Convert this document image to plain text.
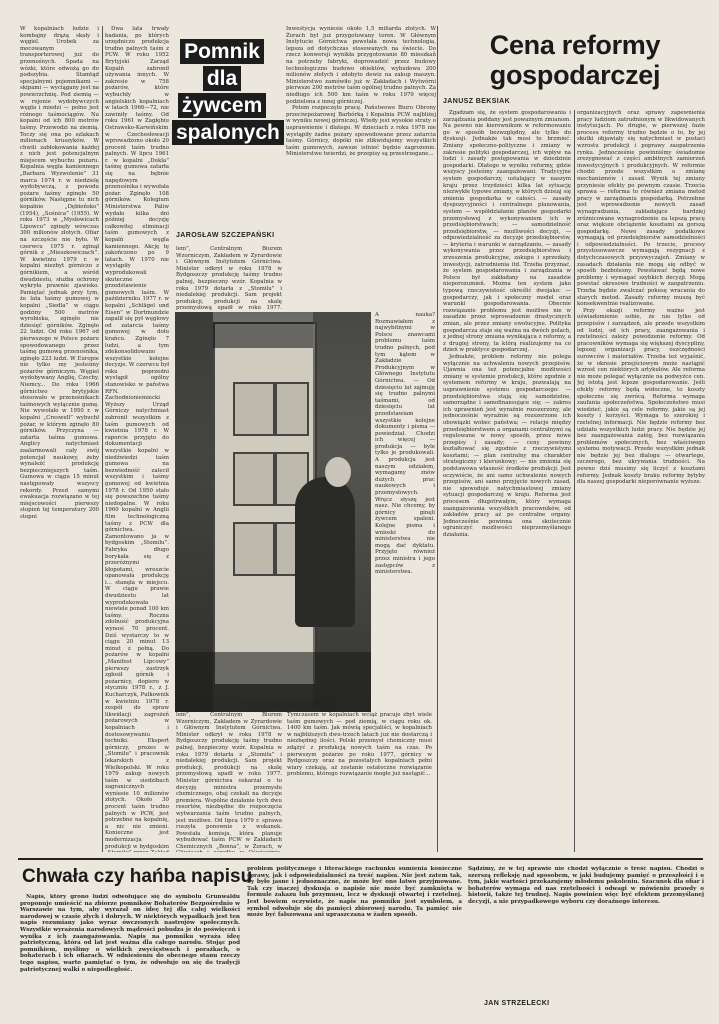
W kopalniach ludzie i kombajny drążą skały i węgiel. Urobek za mocowanym transporterowej już do przenośnych. Spada na wózki, które odwożą go do podszybia. Stamtąd specjalnymi pojemnikami — skipami — wyciągany jest na powierzchnię. Pod ziemią — w rejonie wydobywczych węgla i miedzi — pełno jest różnego taśmociągów. Na kopalni od ich 800 metrów taśmy. Przewodzi na ziemią. Toczy się ona po szlakach milionach kruszyków. W chwili zabłokowania każdej z nich jest potencjalnym miejscem wybuchu pożaru. Kopalnia węgla kamiennego „Barbara Wyzwolenie” 31 marca 1974 r. w niedzielę wydobywczą, z powodu pożaru taśmy zginęło 50 górników. Następne tu nich kopalnie „Dębieńsko” (1954), „Sośnica” (1955). W roku 1973 w „Mysłowicach Lipowcu” zginęły wówczas 300 milionów złotych. Ofiar na szczęście nie było. W czerwcu 1975 r. zginął górnik z „Mieszkowiczach”. W kwietniu 1979 r. w kopalni niezbyt górniczo z górnikiem, a wśród dwudziestu, służba ochrony wykryła prawnie zjawisko. Pamiętać jednak przy tym, że lata taśmy gumowej w kopalni „Siedla” w ciągu godziny 500 metrów wyrobiska, zginęło nie dziesięć górników. Zginęło 22 ludzi. Od roku 1967 od pierwszego w Polsce pożaru spowodowanego przez taśmę gumową przenośnika, zginęło 223 ludzi. W Europie nie tylko my jesteśmy pożarów górniczym. Węgiel wydobywany Anglię, Czechy, Niemcy... Do roku 1966 górnictwo brytyjskie stosowało w przenośnikach taśmowych wyłącznie gumę. Nie wywołało w 1950 r. w kopalni „Creswell” wybuchł pożar, w którym zginęło 80 górników. Przyczyna — zatarta taśma gumowa. Anglicy natychmiast zaalarmowali cały swój potencjał naukowy, żeby wynaleźć produkcję bezpieczniejszych taśm. Gumowa w ciągu 15 minut następowały wszyscy rekordy. Przed samymi ewakuacja rozwiązano w tej miejscowości pierwszy stopień tej temperatury 200 stopni

Dwa lata trwały badania, po których urzędniczo produkcja trudno palnych taśm z PCW. W roku 1952 Brytyjski Zarząd Kopalń zabronił używania innych. W zakresie w 758 pożarów, które wybuchły w angielskich kopalniach w latach 1966—72, nie zawiniły taśmy. Od roku 1961 w Zagłębiu Ostrawsko-Karwińskim w Czechosłowacji wprowadzono około 20 procent taśm trudno palnych. W lipcu 1961 r. w kopalni „Dukla” taśmę gumowa zatarła się na bębnie napędowym przenośnika i wywołała pożar. Zginęło 108 górników. Kolegium Ministerstwa Paliw wydało kilka dni później decyzję całkowitej eliminacji taśm gumowych z kopalń węgla kamiennego. Akcję tę zakończono po 9 latach. W 1970 nie wystąpiły wyprodukowali skuteczne przedstawienie gumowych taśm. W październiku 1977 r. w kopalni „Schlägel und Eisen” w Dortmundzie zapalił się pył węglowy od zatarcia taśmy gumowej w dołu krańcu. Zginęło 7 ludzi, a tym zdekonsolidowano wszystkie kolejne decyzje. W czerwcu był roku poprzedni wystąpił ogólny stanowisko w państwa RFN. Zachodnioniemiecki Wyższy Urząd Górniczy natychmiast zabronił wszystkim z taśm gumowych od kwietnia 1978 r. W raporcie przyjęto do dokumentacji wszystkie kopalni w niedźwiedzi taśm gumowa na bezwiedność zalecił wszystkim i taśmy gumowej od kwietnia 1978 r. Od 1950 stało się powszechne taśmy niedopalne. W roku 1960 kopalni w Anglii film technologiczną taśmy z PCW dla górnictwa. Zamontowano ja w bydgoskim „Stomilu”. Fabryka długo borykała się z przeróżnymi kłopotami, wreszcie opanowała produkcję i... stanęła w miejscu. W ciągu prawie dwudziestu lat wyprodukowała niewiele ponad 100 km taśmy. Roczna zdolność produkcyjna wynosi 70 procent. Dziś wystarczy to w ciągu 20 minut 13 minut z pełną. Do pożarów w kopalni „Manifest Lipcowy” pierwszy zastrzyk zgłosił górnik i pożarnicy, dopiero w styczniu 1978 r., z J. Kucharczyk, Pułkownik w kwietniu 1978 r. zespół do spraw likwidacji zagrożeń pożarowych w kopalniach i dostosowywaniu techniki. Ekspert górniczy, prezes w „Stomilu” i pracownik lekarskich z Wielkopolski. W roku 1979 zakup nowych taśm w siedzibach zagranicznych wyniesie 10 milionów złotych. Około 30 procent taśm trudno palnych w PCW, jest potrzebne na kopalnię, a nic nie zmieni. Konieczne jest modernizacja produkcji w bydgoskim

Pomnik
dla
żywcem
spalonych
JAROSŁAW SZCZEPAŃSKI

Inwestycja wyniesie około 1,5 miliarda złotych. W Żorach był już przygotowany teren. W Głównym Instytucie Górnictwa powstała nowa technologia, lepsza od dotychczas stosowanych na świecie. Do rzecz konwersji wynikła przygotowanie 80 mieszkań na potrzeby fabryki, doprowadzić przez budowy technologiczno budowo obiektów, wybudowa 200 milionów złotych i zdobyto dewiz na zakup maszyn. Ministerstwo zamówiło już w Zakładach i Wytwórni pierwsze 200 metrów taśm ogólnej trudno palnych. Za niedługo ich 500 km taśm w roku 1979 więcej podzielona z innej górniczej.

Potem rozpoczęto pracę. Państwowe Biuro Obrony przeciwpożarowej Barbórką i Kopalnia PCW najbliżej w wyniku nowej górniczej. Wtedy jest wysokie straty o usprawnienie i dlatego. W dzieciach z roku 1978 nie wystąpiły żadne pożary spowodowane przez zatarcia taśmy. Górnicy, dopóki nie zlikwidujemy wszystkich taśm gumowych, zawsze istnieć będzie zagrożenie. Ministerstwo twierdzi, że przepisy są przestrzegane...

lem”, Centralnym Biurem Wzorniczym, Zakładem w Zyrardowie i Głównym Instytutem Górnictwa. Minister odkrył w roku 1978 w Bydgoszczy produkcję taśmy trudno palnej, bezpieczny wzór. Kopalnia w roku 1979 dotarła z „Stomilu” i niedalekiej produkcji. Sam projekt produkcji, produkcji na skalę przemysłową upadł w roku 1977.

Fot. ALEKSANDER KĄPLICZ

lem”, Centralnym Biurem Wzorniczym, Zakładem w Zyrardowie i Głównym Instytutem Górnictwa. Minister odkrył w roku 1978 w Bydgoszczy produkcję taśmy trudno palnej, bezpieczny wzór. Kopalnia w roku 1979 dotarła z „Stomilu” i niedalekiej produkcji. Sam projekt produkcji, produkcji na skalę przemysłową upadł w roku 1977. Minister górnictwa oskarżał o to decyzję ministra przemysłu chemicznego, obaj czekali na decyzje premiera. Wspólne działanie tych dwu resortów, niezbędne do rozpoczęcia wytwarzania taśm trudno palnych, jest możliwe. Od lipca 1979 r. sprawa ruszyła ponownie z wokanek. Powstała komisja, która planuje wybudować taśm PCW w Zakładach Chemicznych „Bonna”, w Żorach, w

Tymczasem w kopalniach wciąż pracuje zbyt wiele taśm gumowych — pod ziemią, w ciągu roku ok. 1400 km taśm. Jak mówią specjaliści, w kopalniach w najbliższych dwu-trzech latach już nie dostarczą i niezbędnej ilości. Polski przemysł chemiczny musi zdążyć z produkcją nowych taśm na czas. Po pierwszym pożarze po roku 1977, górnicy w Bydgoszczy oraz na pozostałych kopalniach pełni wiary czekają, aż zostanie ostateczne rozwiązanie problemu, którego rozwiązanie mogło już nastąpić...

A nauka? Rozmawiałem z najwybitnymi w Polsce znawcami problemu taśm trudno palnych, pod tym kątem w Zakładzie Produkcyjnym w Głównego Instytutu Górnictwa. — Od dziesięciu lat zajmuję się trudno palnymi taśmami, od dziesięciu lat przedstawiam wszystkie kolejne dokumenty i pisma — powiedział. Chodzi ich więcej — produkcja — byle tylko je produkowali. A produkcja jest naszym udziałem, wymagamy znów dużych prac naukowych i przemysłowych. Wręcz słyszę jest nasz. Nie chcemy, by górnicy ginęli żywcem spaleni. Kolejne pisma i wnioski do ministerstwa nie mogą dać dyktatu. Przyjęto również przez ministra i jego zastępców z ministerstwa.

Cena reformy gospodarczej
JANUSZ BEKSIAK

Zgadzam się, że system gospodarowania i zarządzania poddany jest poważnym zmianom. Na pewno nie kierownikom w reformowaniu go w sposób bezwzględny, ale tylko do dyskusji. Jednakże tak musi to brzmieć. Zmiany społeczno-polityczne i zmiany w zakresie polityki gospodarczej, ich wpływ na ludzi i zasady postępowania w dziedzinie gospodarki. Dlatego w wyniku reformy, gdzie wszyscy jesteśmy zaangażowani. Tradycyjne system gospodarczy, ustalający w naszym kraju przez trzydzieści kilka lat sytuację niezwykłe typowe zmiany, w których dzisiaj się zmienia gospodarka w całości. — zasady dyspozycyjności i centralnego planowania, system — współdziałanie planów gospodarki przemysłowej z wykonywaniem ich w przedsiębiorstwach; — samodzielność przedsiębiorstw, — możliwości decyzji, — odpowiedzialność za decyzje przedsiębiorstw, — kryteria i warunki w zarządzaniu, — zasady wykonywania przez przedsiębiorstwa i zrzeszenia produkcyjne, zakupu i sprzedaży, inwestycji, zatrudnienia itd. Trzeba przyznać, że system gospodarowania i zarządzania w Polsce był zakładany na zasadzie nieporozumień. Można ten system jako typową rzeczywistość określić dwojako: — gospodarczy, jak i społeczny model oraz warunki gospodarowania. Obecnie rozwiązanie problemu jest możliwe nie w zasadzie przez wprowadzenie drastycznych zmian, ale przez zmiany ewolucyjne. Polityka gospodarcza staje się ważna na dwóch polach, z jednej strony zmiana wynikająca z reformy, a z drugiej strony, ta którą realizujemy na co dzień w praktyce gospodarczej.

Jednakże, problem reformy nie polega wyłącznie na uchwaleniu nowych przepisów. Ujawnia ona też potencjalne możliwości zmiany w systemie produkcji, które zgodnie z systemem reformy w kraju, pozwalają na usprawnienie systemu gospodarczego: — przedsiębiorstwa stają się samodzielne, samorządne i samofinansujące się; — zakres ich uprawnień jest wyraźnie rozszerzony, ale jednocześnie wyraźnie są rozszerzone ich obowiązki wobec państwa; — relacje między przedsiębiorstwem a organami centralnymi są regulowane w nowy sposób, przez nowe przepisy i zasady; — ceny powinny kształtować się zgodnie z rzeczywistymi kosztami; — plan centralny ma charakter strategiczny i kierunkowy; — nie zmienia się podstawowa własność środków produkcji. Jest oczywiście, że ani samo uchwalenie nowych przepisów, ani samo przyjęcie nowych zasad, nie spowoduje natychmiastowej zmiany sytuacji gospodarczej w kraju. Reforma jest procesem długotrwałym, który wymaga zaangażowania wszystkich pracowników, od zakładów pracy aż po centralne organy. Jednocześnie powinna ona skutecznie ograniczyć możliwości nieprzemyślanego działania.

organizacyjnych oraz sprawy zapewnienia pracy ludziom zatrudnionym w likwidowanych instytucjach. Po drugie, w pierwszej fazie procesu reformy trudno będzie o to, by jej skutki objawiały się natychmiast w postaci wzrostu produkcji i poprawy zaopatrzenia rynku. Jednocześnie powinniśmy świadomie zrezygnować z części ambitnych zamierzeń inwestycyjnych i produkcyjnych. W reformie chodzi przede wszystkim o zmianę mechanizmów i zasad. Wynik tej zmiany przyniesie efekty po pewnym czasie. Trzecia sprawa — reforma to również zmiana metod pracy w zarządzaniu gospodarką. Potrzebne jest wprowadzenie nowych zasad wynagradzania, zakładające bardziej zróżnicowane wynagrodzenie za lepszą pracę oraz większe obciążenie kosztami za gorszą gospodarkę. Nowe zasady podatkowe wymagają od przedsiębiorstw samodzielności i odpowiedzialności. Po trzecie, procesy przystosowawcze wymagają rezygnacji z dotychczasowych przyzwyczajeń. Zmiany w zasadach działania nie mogą się odbyć w sposób bezbolesny. Powstawać będą nowe problemy i wymagać szybkich decyzji. Mogą powstać okresowe trudności w zaopatrzeniu. Trzeba będzie zwalczać pokusę wracania do starych metod. Zasady reformy muszą być konsekwentnie realizowane.

Przy okazji reformy ważne jest uświadomienie sobie, że nie tylko od przepisów i zarządzeń, ale przede wszystkim od ludzi, od ich pracy, zaangażowania i rzetelności zależy powodzenie reformy. Od pracowników wymaga się większej dyscypliny, lepszej organizacji pracy, oszczędności surowców i materiałów. Trzeba też wyjaśnić, że w okresie przejściowym może nastąpić wzrost cen niektórych artykułów. Ale reforma nie może polegać wyłącznie na podwyżce cen. Jej istotą jest lepsze gospodarowanie. Jeśli efekty reformy będą widoczne, to koszty społeczne się zwrócą. Reforma wymaga zaufania społeczeństwa. Społeczeństwo musi wiedzieć, jakie są cele reformy, jakie są jej koszty i korzyści. Wymaga to szerokiej i rzetelnej informacji. Nie będzie reformy bez udziału wszystkich ludzi pracy. Nie będzie jej bez zaangażowania załóg, bez rozwiązania problemów społecznych, bez właściwego systemu motywacji. Przede wszystkim jednak nie będzie jej bez dialogu — otwartego, szczerego, bez ukrywania trudności. Na pewno dziś musimy się liczyć z kosztami reformy. Jednak koszty braku reformy byłyby dla naszej gospodarki nieporównanie wyższe.

Chwała czy hańba napisu

Napis, który grono ludzi odwołujące się do symbolu Grunwaldu proponuje umieścić na zbiorze pomników Bohaterów Bezpośrednio w Warszawie na tym, aby wyrażał on ideę tej dla całej wielkości narodowej w czasie złych i dobrych. W niektórych wypadkach jest ten napis rozumiany jako wyraz ówczesnych nastrojów społecznych. Wszystkie wyrażenia narodowych mądrości pobudza je do poświęceń i wynika z ich zaangażowania. Napis na pomniku wyraża ideę patriotyczną, która od lat jest ważna dla całego narodu. Stojąc pod pomnikiem, myślimy o wielkich zwycięstwach i porażkach, o bohaterach i ich ofiarach. W odniesieniu do obecnego stanu rzeczy tego napisu, warto pamiętać o tym, że odwołuje on się do tradycji patriotycznej walki o niepodległość.

problem politycznego i literackiego rachunku sumienia konieczne sprawy, jak i odpowiedzialności za treść napisu. Nie jest zatem tak, by było jasne i jednoznaczne, że może być ono łatwo przyjmowane. Tak czy inaczej dyskusja o napisie nie może być zamknięta w formule zakazu lub przymusu, lecz w dyskusji otwartej i rzetelnej. Jest bowiem oczywiste, że napis na pomniku jest symbolem, a symbol odwołuje się do pamięci zbiorowej narodu. Ta pamięć nie może być fałszowana ani upraszczana w żaden sposób.

Sądzimy, że w tej sprawie nie chodzi wyłącznie o treść napisu. Chodzi o szerszą refleksję nad sposobem, w jaki budujemy pamięć o przeszłości i o tym, jakie wartości przekazujemy młodemu pokoleniu. Szacunek dla ofiar i bohaterów wymaga od nas rzetelności i odwagi w mówieniu prawdy o historii, także tej trudnej. Napis powinien więc być efektem przemyślanej decyzji, a nie przypadkowego wyboru czy doraźnego interesu.

JAN STRZELECKI
